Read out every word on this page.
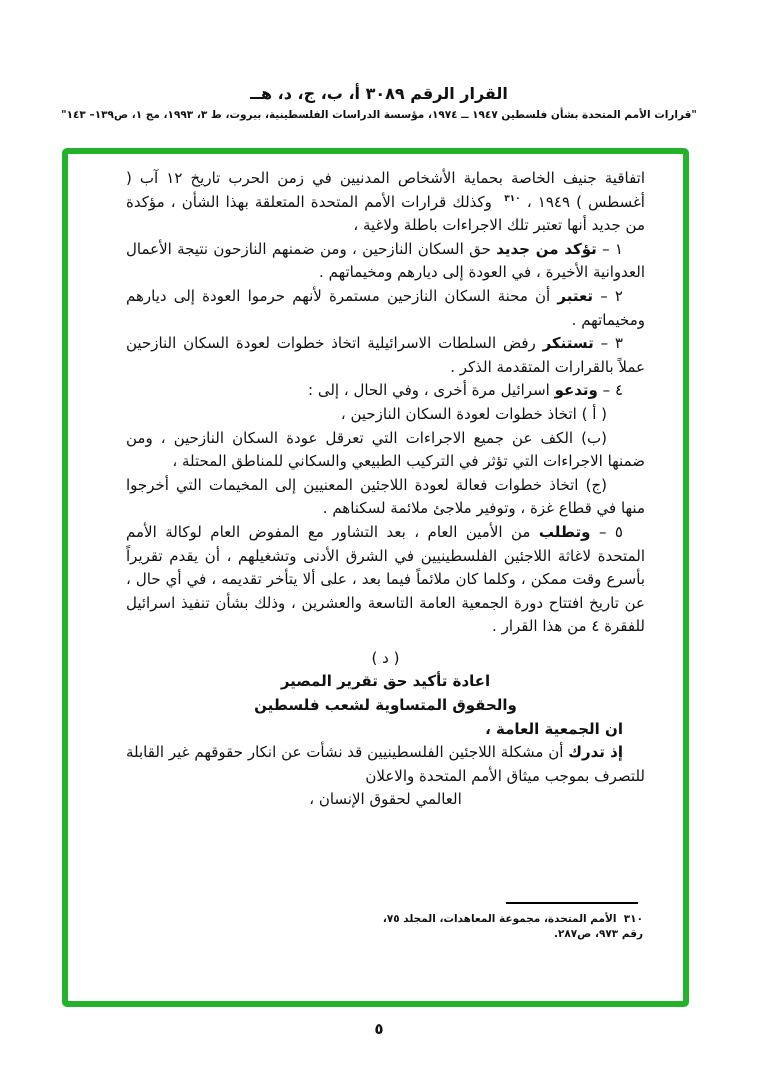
القرار الرقم ٣٠٨٩ أ، ب، ج، د، هــ
"قرارات الأمم المتحدة بشأن فلسطين ١٩٤٧ ــ ١٩٧٤، مؤسسة الدراسات الفلسطينية، بيروت، ط ٣، ١٩٩٣، مج ١، ص١٣٩– ١٤٣"

اتفاقية جنيف الخاصة بحماية الأشخاص المدنيين في زمن الحرب تاريخ ١٢ آب ( أغسطس ) ١٩٤٩ ، $^{٣١٠}$  وكذلك قرارات الأمم المتحدة المتعلقة بهذا الشأن ، مؤكدة من جديد أنها تعتبر تلك الاجراءات باطلة ولاغية ،

١ – تؤكد من جديد حق السكان النازحين ، ومن ضمنهم النازحون نتيجة الأعمال العدوانية الأخيرة ، في العودة إلى ديارهم ومخيماتهم .

٢ – تعتبر أن محنة السكان النازحين مستمرة لأنهم حرموا العودة إلى ديارهم ومخيماتهم .

٣ – تستنكر رفض السلطات الاسرائيلية اتخاذ خطوات لعودة السكان النازحين عملاً بالقرارات المتقدمة الذكر .

٤ – وتدعو اسرائيل مرة أخرى ، وفي الحال ، إلى :

( أ ) اتخاذ خطوات لعودة السكان النازحين ،

(ب) الكف عن جميع الاجراءات التي تعرقل عودة السكان النازحين ، ومن ضمنها الاجراءات التي تؤثر في التركيب الطبيعي والسكاني للمناطق المحتلة ،

(ج) اتخاذ خطوات فعالة لعودة اللاجئين المعنيين إلى المخيمات التي أخرجوا منها في قطاع غزة ، وتوفير ملاجئ ملائمة لسكناهم .

٥ – وتطلب من الأمين العام ، بعد التشاور مع المفوض العام لوكالة الأمم المتحدة لاغاثة اللاجئين الفلسطينيين في الشرق الأدنى وتشغيلهم ، أن يقدم تقريراً بأسرع وقت ممكن ، وكلما كان ملائماً فيما بعد ، على ألا يتأخر تقديمه ، في أي حال ، عن تاريخ افتتاح دورة الجمعية العامة التاسعة والعشرين ، وذلك بشأن تنفيذ اسرائيل للفقرة ٤ من هذا القرار .

( د )

اعادة تأكيد حق تقرير المصير

والحقوق المتساوية لشعب فلسطين

ان الجمعية العامة ،

إذ تدرك أن مشكلة اللاجئين الفلسطينيين قد نشأت عن انكار حقوقهم غير القابلة للتصرف بموجب ميثاق الأمم المتحدة والاعلان

العالمي لحقوق الإنسان ،

٣١٠  الأمم المتحدة، مجموعة المعاهدات، المجلد ٧٥، رقم ٩٧٣، ص٢٨٧.
٥
